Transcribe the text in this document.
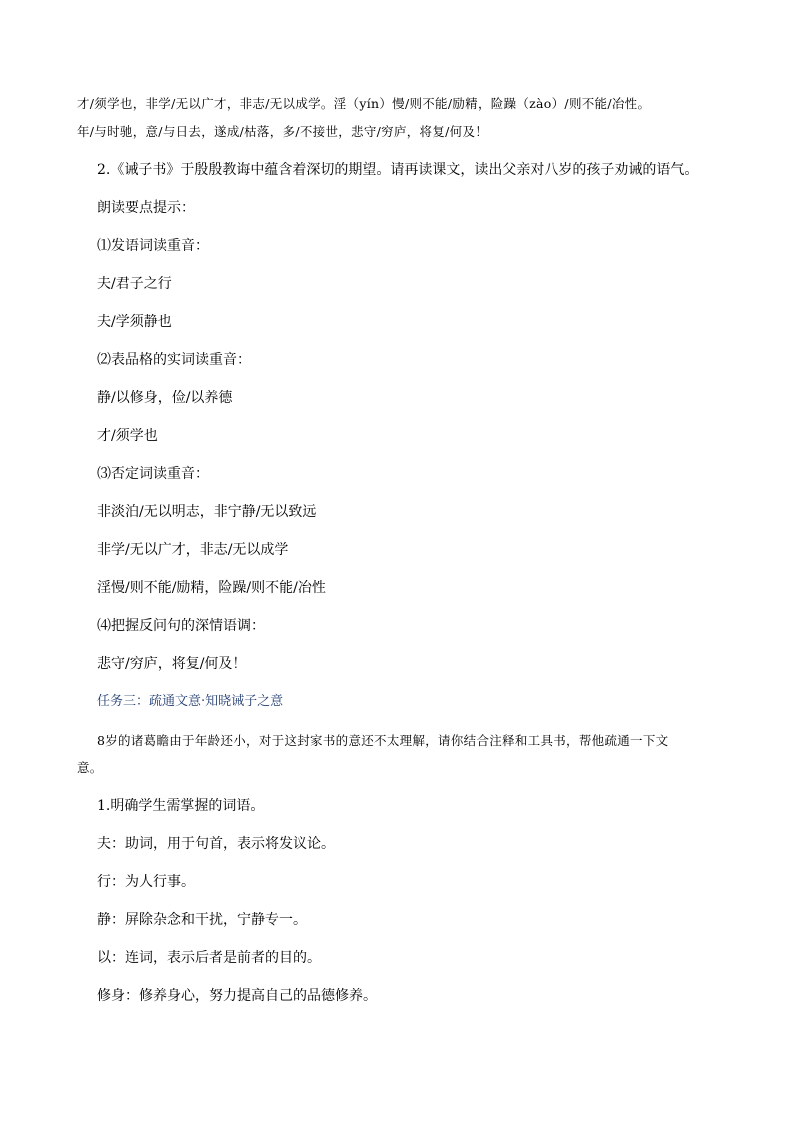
才/须学也，非学/无以广才，非志/无以成学。淫（yín）慢/则不能/励精，险躁（zào）/则不能/冶性。
年/与时驰，意/与日去，遂成/枯落，多/不接世，悲守/穷庐，将复/何及！
2.《诫子书》于殷殷教诲中蕴含着深切的期望。请再读课文，读出父亲对八岁的孩子劝诫的语气。
朗读要点提示：
⑴发语词读重音：
夫/君子之行
夫/学须静也
⑵表品格的实词读重音：
静/以修身，俭/以养德
才/须学也
⑶否定词读重音：
非淡泊/无以明志，非宁静/无以致远
非学/无以广才，非志/无以成学
淫慢/则不能/励精，险躁/则不能/冶性
⑷把握反问句的深情语调：
悲守/穷庐，将复/何及！
任务三：疏通文意·知晓诫子之意
8岁的诸葛瞻由于年龄还小，对于这封家书的意还不太理解，请你结合注释和工具书，帮他疏通一下文
意。
1.明确学生需掌握的词语。
夫：助词，用于句首，表示将发议论。
行：为人行事。
静：屏除杂念和干扰，宁静专一。
以：连词，表示后者是前者的目的。
修身：修养身心，努力提高自己的品德修养。
